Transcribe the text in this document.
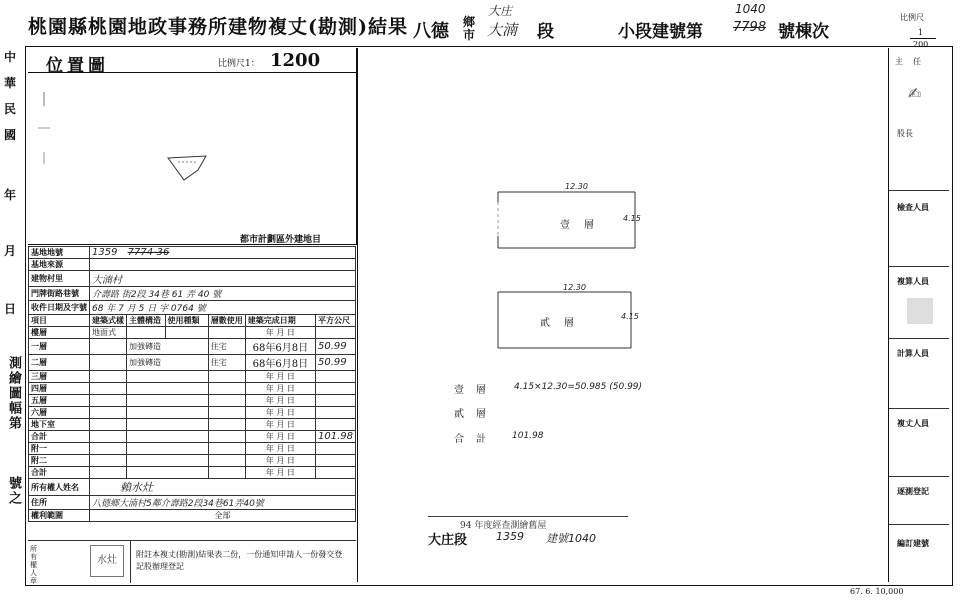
桃園縣桃園地政事務所建物複丈(勘測)結果 八德 鄉市
大庄
大湳 段	小段建號第
1040
7798 號棟次
比例尺
1
200
中
華
民
國
年
月
日
測繪圖幅第
號之
位置圖	比例尺1： 1200
都市計劃區外建地目
基地地號	1359 7774-36					
基地來源						
建物村里	大湳村					
門牌街路巷號	介壽路 街2段 34巷 61 弄 40 號					
收件日期及字號	68 年 7 月 5 日 字 0764 號					
項目	建築式樣	主體構造	使用種類	層數使用	建築完成日期	平方公尺
樓層	地面式				年 月 日	
一層		加強磚造		住宅	68年6月8日	50.99
二層		加強磚造		住宅	68年6月8日	50.99
三層					年 月 日	
四層					年 月 日	
五層					年 月 日	
六層					年 月 日	
地下室					年 月 日	
合計					年 月 日	101.98
附一					年 月 日	
附二					年 月 日	
合計					年 月 日	
所有權人姓名	賴水灶					
住所	八德鄉大湳村5鄰介壽路2段34巷61弄40號					
權利範圍	全部					
所有權人章
水灶
附註本複丈(勘測)結果表二份，一份通知申請人一份發交登記股辦理登記
12.30
壹層
4.15
12.30
貳層
4.15
壹層 4.15×12.30=50.985 (50.99)
貳層
合計 101.98
94 年度經查測繪舊屋
大庄段	1359 建號1040
主任
✍
股長
檢查人員
複算人員
計算人員
複丈人員
逐測登記
編訂建號
67. 6. 10,000
